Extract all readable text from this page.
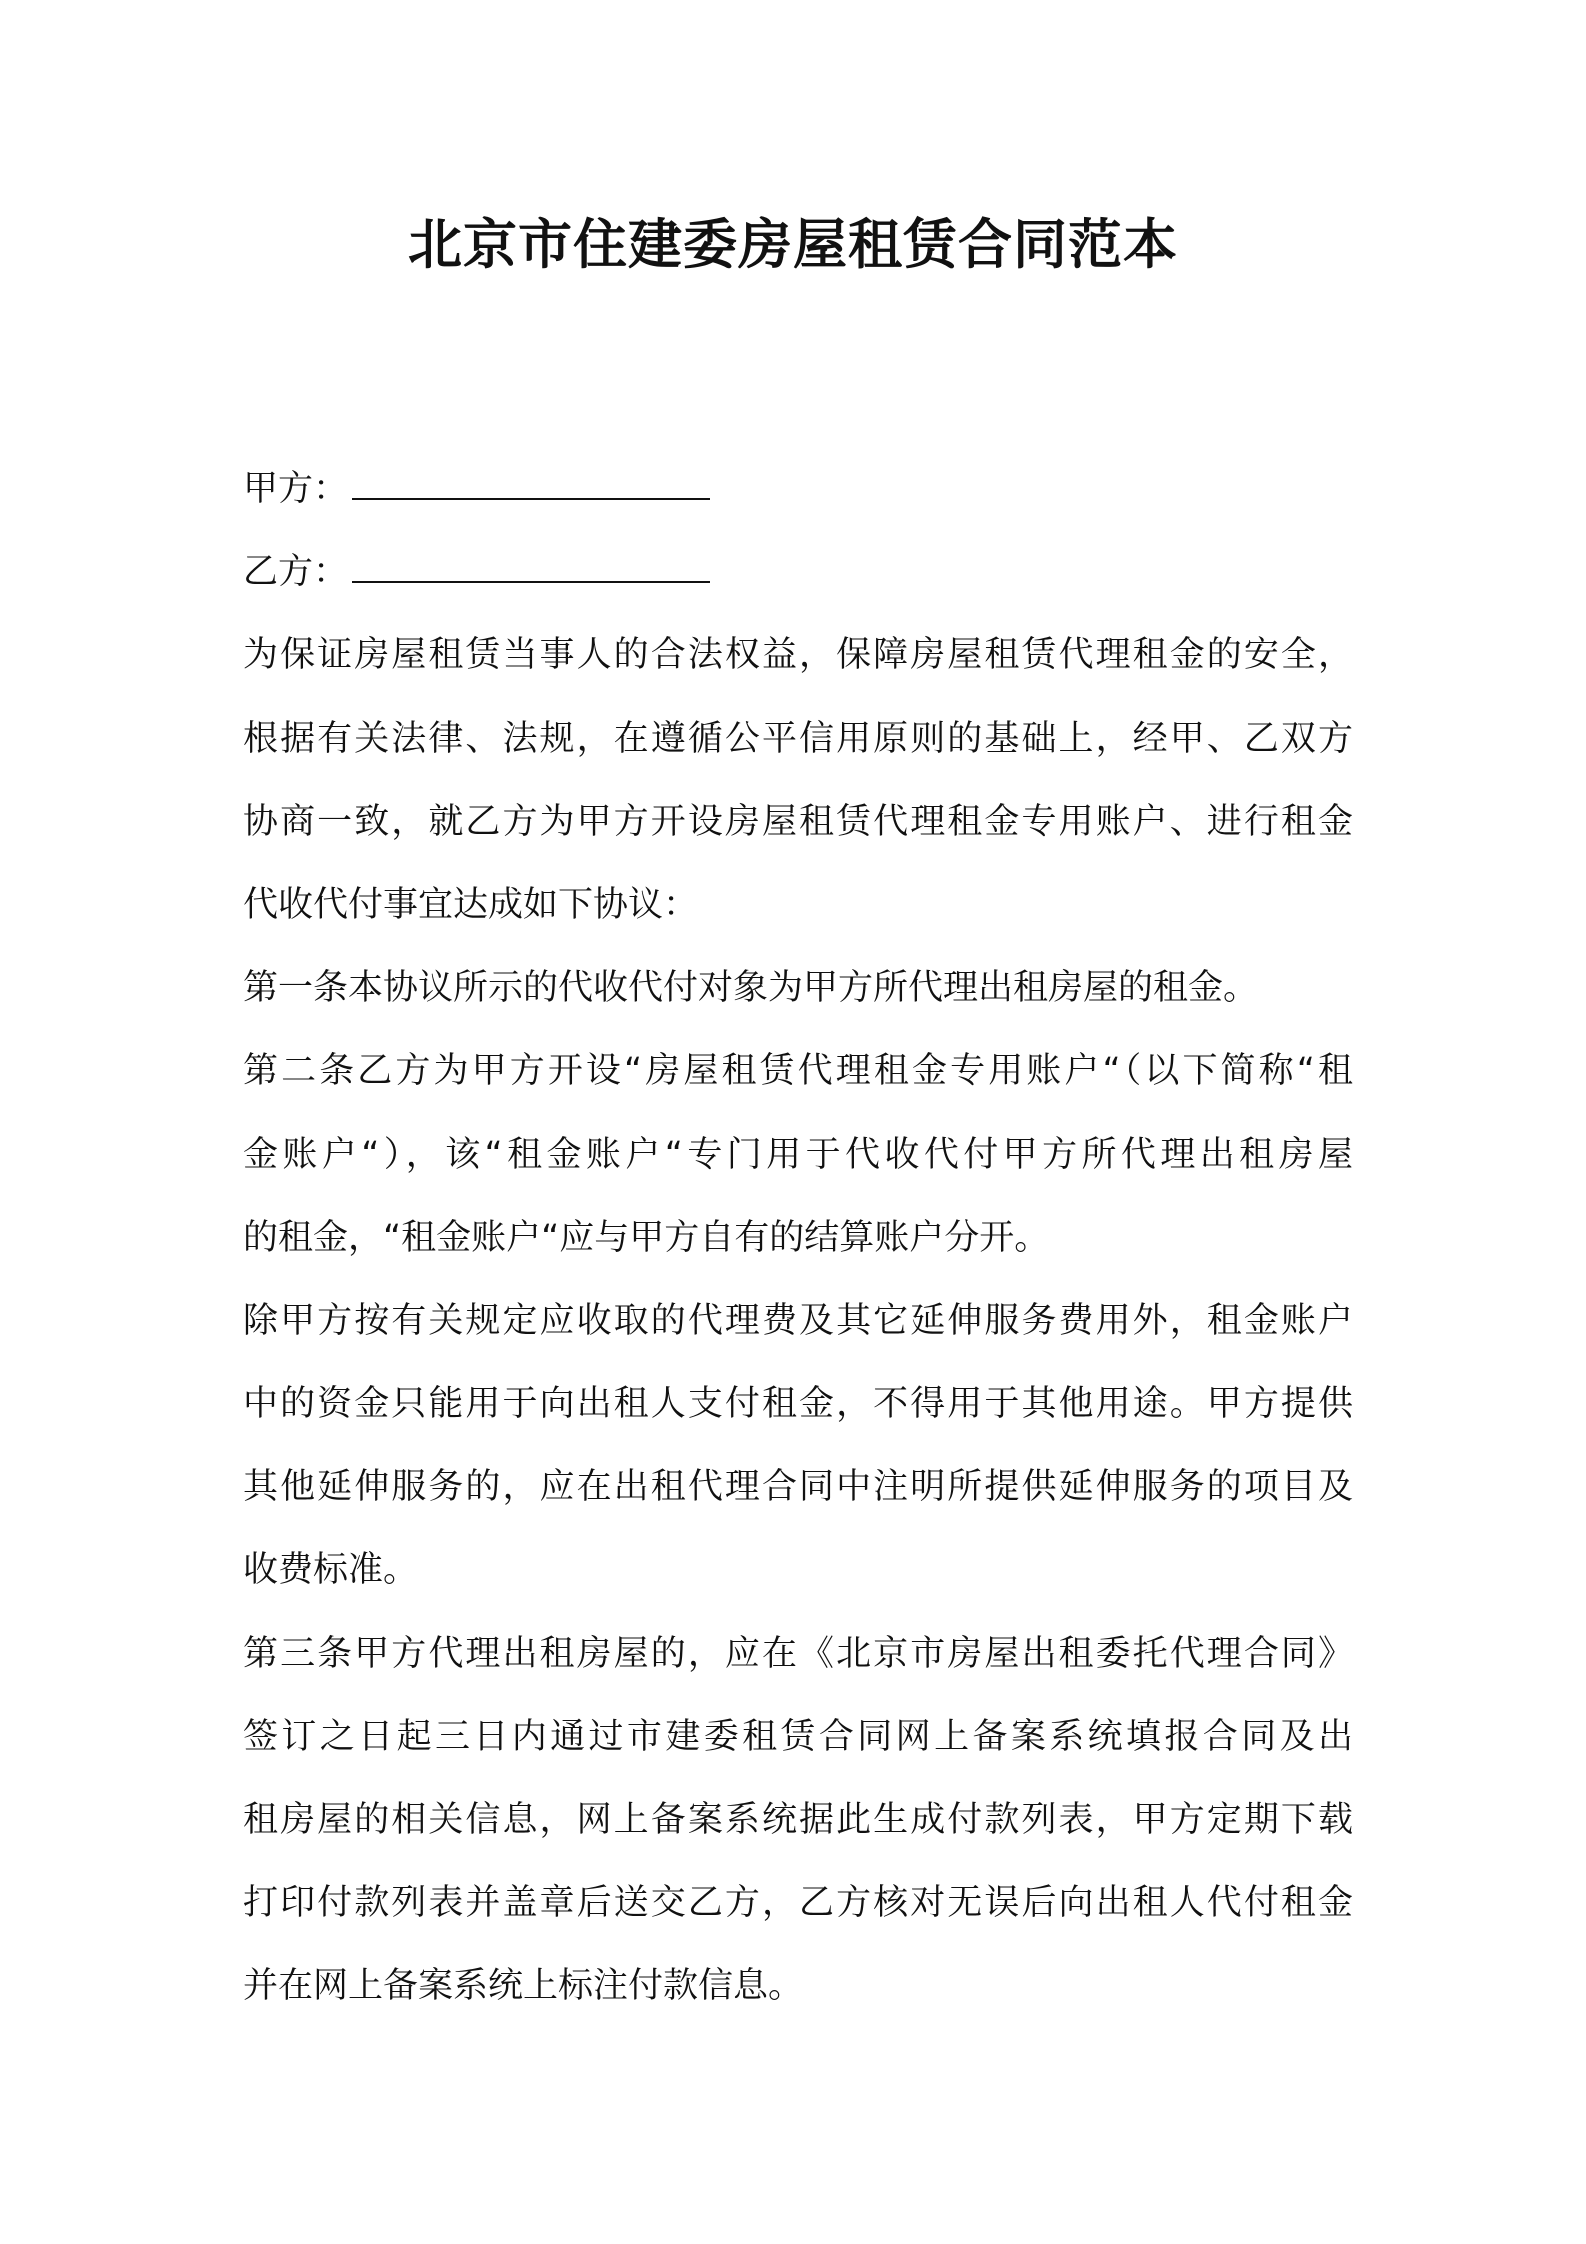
北京市住建委房屋租赁合同范本
甲方：
乙方：
为保证房屋租赁当事人的合法权益，保障房屋租赁代理租金的安全，
根据有关法律、法规，在遵循公平信用原则的基础上，经甲、乙双方
协商一致，就乙方为甲方开设房屋租赁代理租金专用账户、进行租金
代收代付事宜达成如下协议：
第一条本协议所示的代收代付对象为甲方所代理出租房屋的租金。
第二条乙方为甲方开设“房屋租赁代理租金专用账户“（以下简称“租
金账户“），该“租金账户“专门用于代收代付甲方所代理出租房屋
的租金，“租金账户“应与甲方自有的结算账户分开。
除甲方按有关规定应收取的代理费及其它延伸服务费用外，租金账户
中的资金只能用于向出租人支付租金，不得用于其他用途。甲方提供
其他延伸服务的，应在出租代理合同中注明所提供延伸服务的项目及
收费标准。
第三条甲方代理出租房屋的，应在《北京市房屋出租委托代理合同》
签订之日起三日内通过市建委租赁合同网上备案系统填报合同及出
租房屋的相关信息，网上备案系统据此生成付款列表，甲方定期下载
打印付款列表并盖章后送交乙方，乙方核对无误后向出租人代付租金
并在网上备案系统上标注付款信息。
